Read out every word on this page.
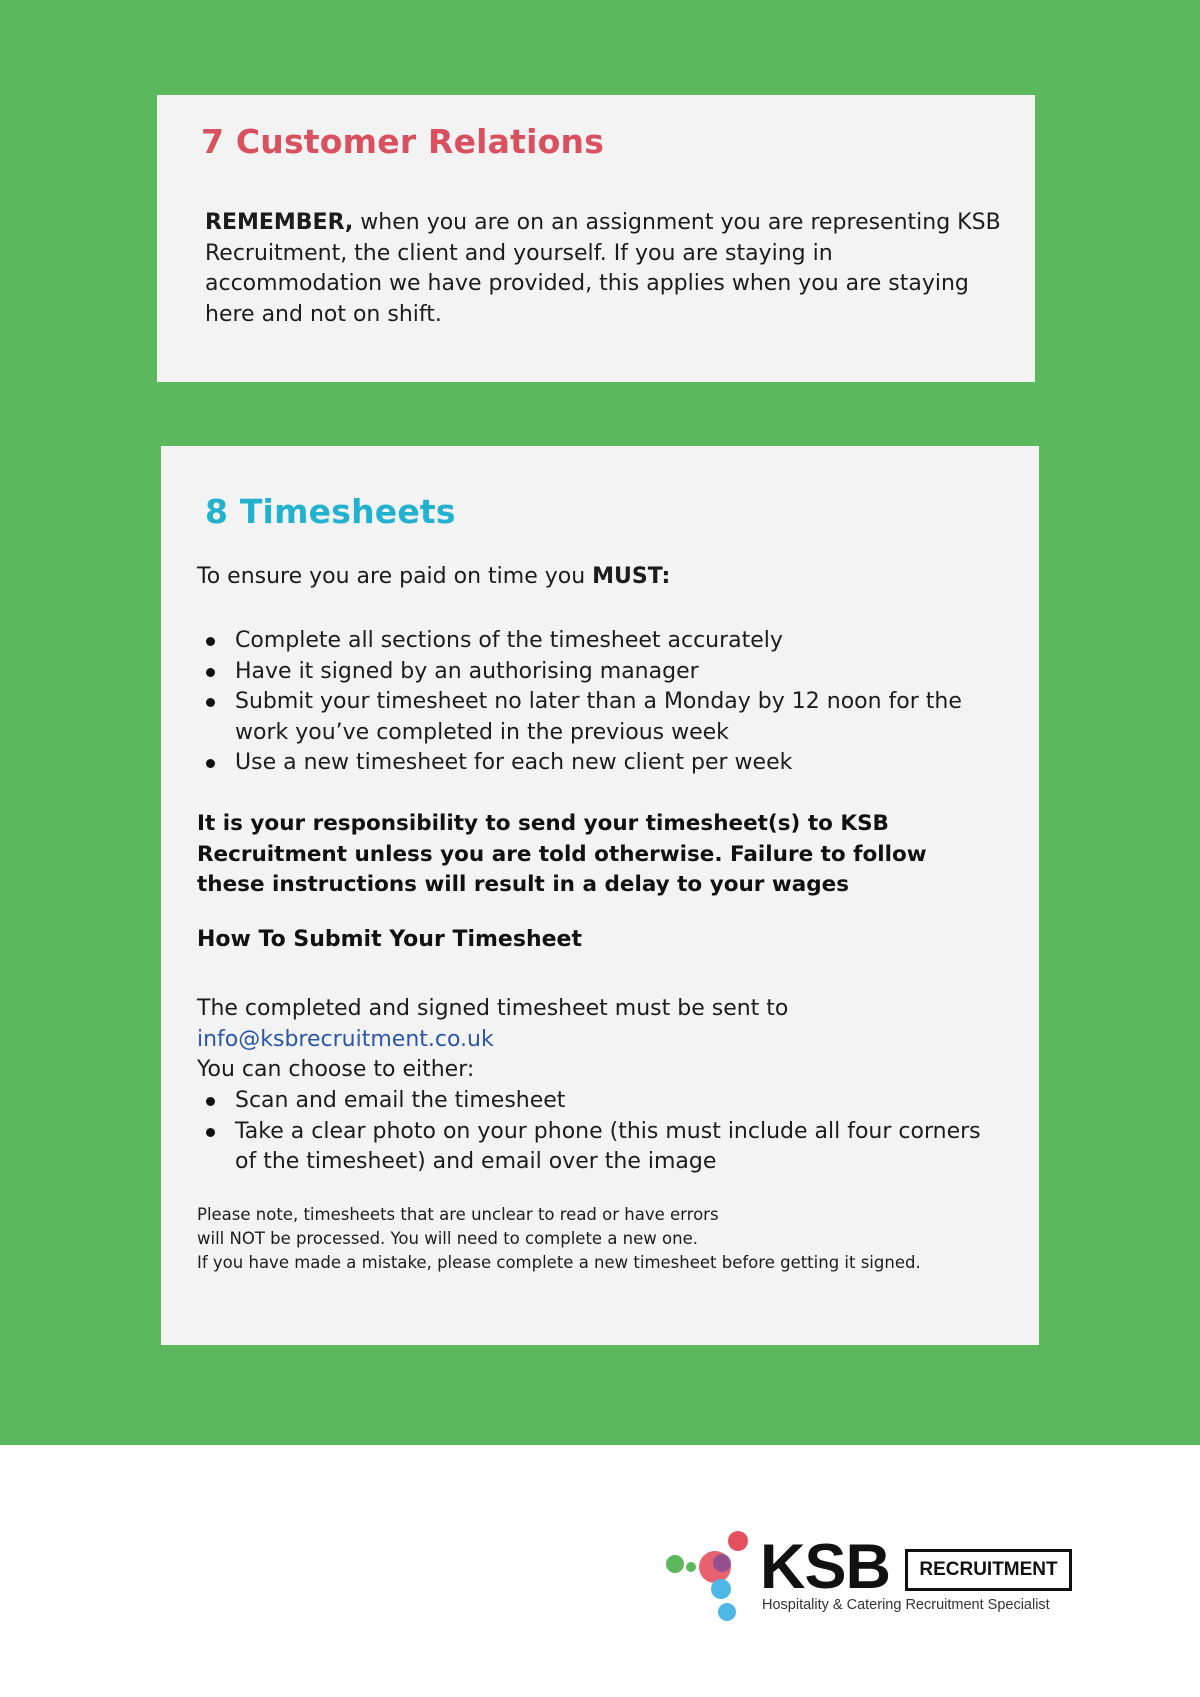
7 Customer Relations

REMEMBER, when you are on an assignment you are representing KSB Recruitment, the client and yourself. If you are staying in accommodation we have provided, this applies when you are staying here and not on shift.

8 Timesheets

To ensure you are paid on time you MUST:

Complete all sections of the timesheet accurately
Have it signed by an authorising manager
Submit your timesheet no later than a Monday by 12 noon for the work you’ve completed in the previous week
Use a new timesheet for each new client per week

It is your responsibility to send your timesheet(s) to KSB Recruitment unless you are told otherwise. Failure to follow these instructions will result in a delay to your wages

How To Submit Your Timesheet
The completed and signed timesheet must be sent to
info@ksbrecruitment.co.uk
You can choose to either:
Scan and email the timesheet
Take a clear photo on your phone (this must include all four corners of the timesheet) and email over the image
Please note, timesheets that are unclear to read or have errors
will NOT be processed. You will need to complete a new one.
If you have made a mistake, please complete a new timesheet before getting it signed.
KSB	RECRUITMENT
Hospitality & Catering Recruitment Specialist
